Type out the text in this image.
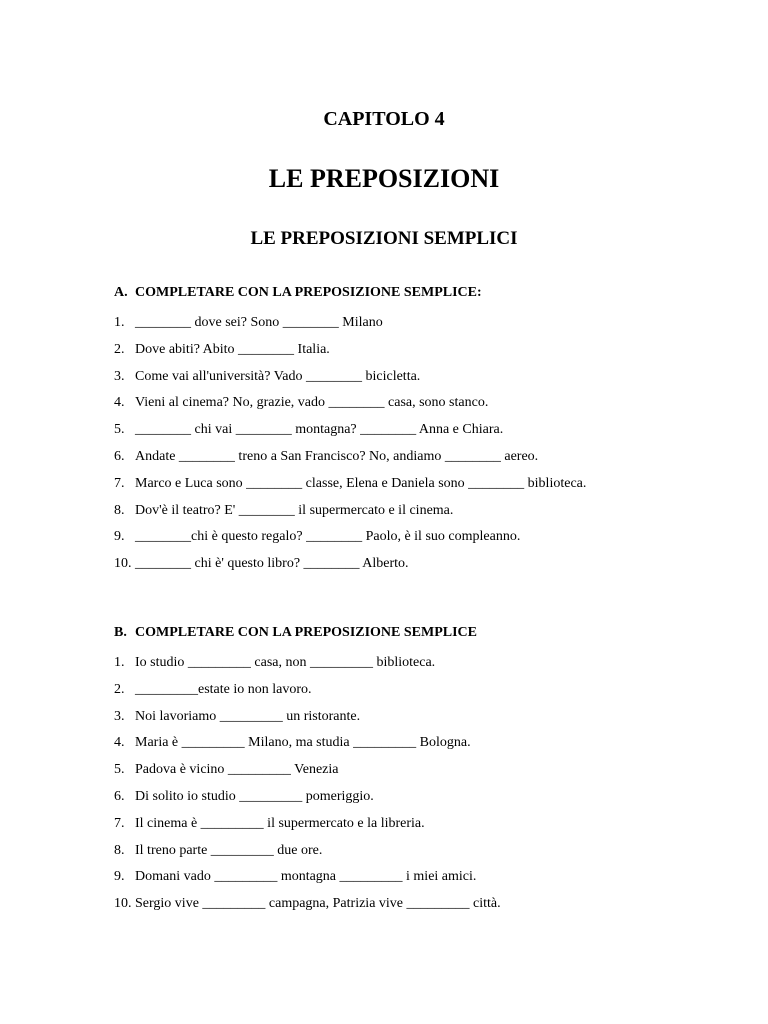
CAPITOLO 4
LE PREPOSIZIONI
LE PREPOSIZIONI SEMPLICI
A. COMPLETARE CON LA PREPOSIZIONE SEMPLICE:
1. ________ dove sei? Sono ________ Milano
2. Dove abiti? Abito ________ Italia.
3. Come vai all'università? Vado ________ bicicletta.
4. Vieni al cinema? No, grazie, vado ________ casa, sono stanco.
5. ________ chi vai ________ montagna? ________ Anna e Chiara.
6. Andate ________ treno a San Francisco? No, andiamo ________ aereo.
7. Marco e Luca sono ________ classe, Elena e Daniela sono ________ biblioteca.
8. Dov'è il teatro? E' ________ il supermercato e il cinema.
9. ________chi è questo regalo? ________ Paolo, è il suo compleanno.
10. ________ chi è' questo libro? ________ Alberto.
B. COMPLETARE CON LA PREPOSIZIONE SEMPLICE
1. Io studio _________ casa, non _________ biblioteca.
2. _________estate io non lavoro.
3. Noi lavoriamo _________ un ristorante.
4. Maria è _________ Milano, ma studia _________ Bologna.
5. Padova è vicino _________ Venezia
6. Di solito io studio _________ pomeriggio.
7. Il cinema è _________ il supermercato e la libreria.
8. Il treno parte _________ due ore.
9. Domani vado _________ montagna _________ i miei amici.
10. Sergio vive _________ campagna, Patrizia vive _________ città.
